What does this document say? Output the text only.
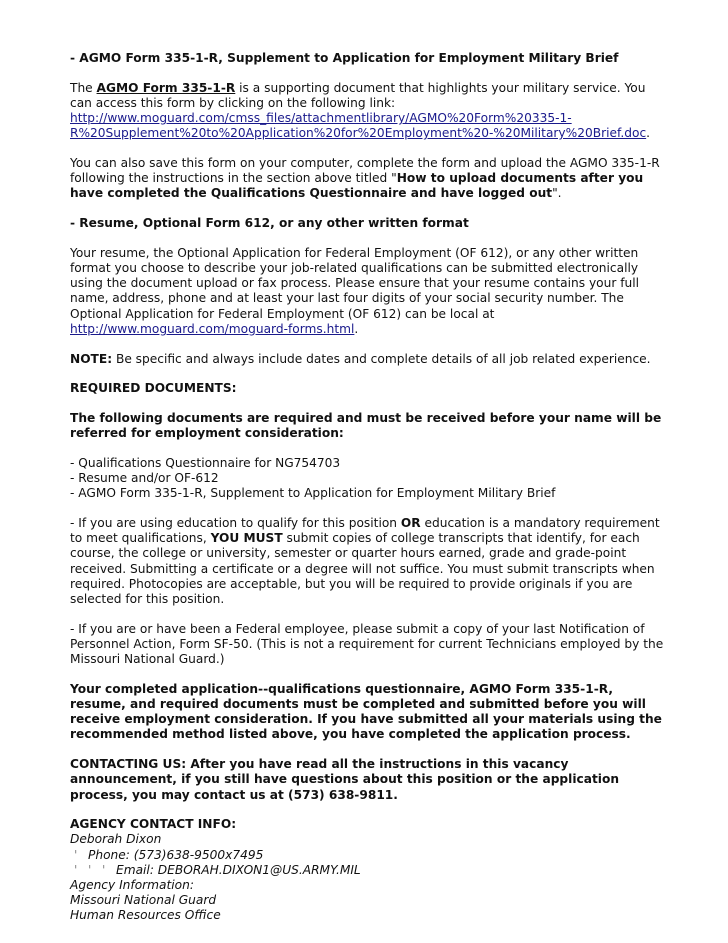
- AGMO Form 335-1-R, Supplement to Application for Employment Military Brief

The AGMO Form 335-1-R is a supporting document that highlights your military service. You can access this form by clicking on the following link: http://www.moguard.com/cmss_files/attachmentlibrary/AGMO%20Form%20335-1-R%20Supplement%20to%20Application%20for%20Employment%20-%20Military%20Brief.doc.

You can also save this form on your computer, complete the form and upload the AGMO 335-1-R following the instructions in the section above titled "How to upload documents after you have completed the Qualifications Questionnaire and have logged out".

- Resume, Optional Form 612, or any other written format

Your resume, the Optional Application for Federal Employment (OF 612), or any other written format you choose to describe your job-related qualifications can be submitted electronically using the document upload or fax process. Please ensure that your resume contains your full name, address, phone and at least your last four digits of your social security number. The Optional Application for Federal Employment (OF 612) can be local at http://www.moguard.com/moguard-forms.html.

NOTE: Be specific and always include dates and complete details of all job related experience.

REQUIRED DOCUMENTS:

The following documents are required and must be received before your name will be referred for employment consideration:

- Qualifications Questionnaire for NG754703
- Resume and/or OF-612
- AGMO Form 335-1-R, Supplement to Application for Employment Military Brief

- If you are using education to qualify for this position OR education is a mandatory requirement to meet qualifications, YOU MUST submit copies of college transcripts that identify, for each course, the college or university, semester or quarter hours earned, grade and grade-point received. Submitting a certificate or a degree will not suffice. You must submit transcripts when required. Photocopies are acceptable, but you will be required to provide originals if you are selected for this position.

- If you are or have been a Federal employee, please submit a copy of your last Notification of Personnel Action, Form SF-50. (This is not a requirement for current Technicians employed by the Missouri National Guard.)

Your completed application--qualifications questionnaire, AGMO Form 335-1-R, resume, and required documents must be completed and submitted before you will receive employment consideration. If you have submitted all your materials using the recommended method listed above, you have completed the application process.

CONTACTING US: After you have read all the instructions in this vacancy announcement, if you still have questions about this position or the application process, you may contact us at (573) 638-9811.

AGENCY CONTACT INFO:

Deborah Dixon

' Phone: (573)638-9500x7495

' ' ' Email: DEBORAH.DIXON1@US.ARMY.MIL

Agency Information:

Missouri National Guard

Human Resources Office
